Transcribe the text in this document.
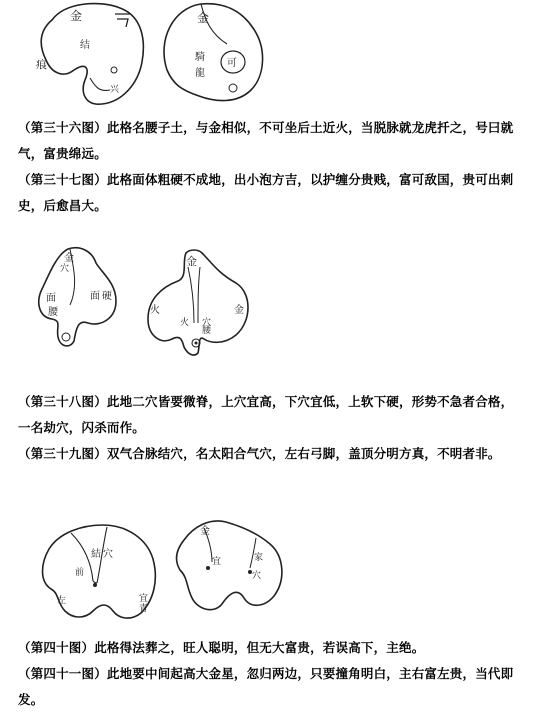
金
结
痕
兴
金
騎
龍
可
（第三十六图）此格名腰子土，与金相似，不可坐后土近火，当脱脉就龙虎扦之，号曰就气，富贵绵远。
（第三十七图）此格面体粗硬不成地，出小泡方吉，以护缠分贵贱，富可敌国，贵可出刺史，后愈昌大。
金
穴
面
腰
面 硬
金
火
火
金
穴
腰
（第三十八图）此地二穴皆要微脊，上穴宜高，下穴宜低，上软下硬，形势不急者合格，一名劫穴，闪杀而作。
（第三十九图）双气合脉结穴，名太阳合气穴，左右弓脚，盖顶分明方真，不明者非。
結 穴
前
左	宜
青
金
宜	家
穴
（第四十图）此格得法葬之，旺人聪明，但无大富贵，若误高下，主绝。
（第四十一图）此地要中间起高大金星，忽归两边，只要撞角明白，主右富左贵，当代即发。
